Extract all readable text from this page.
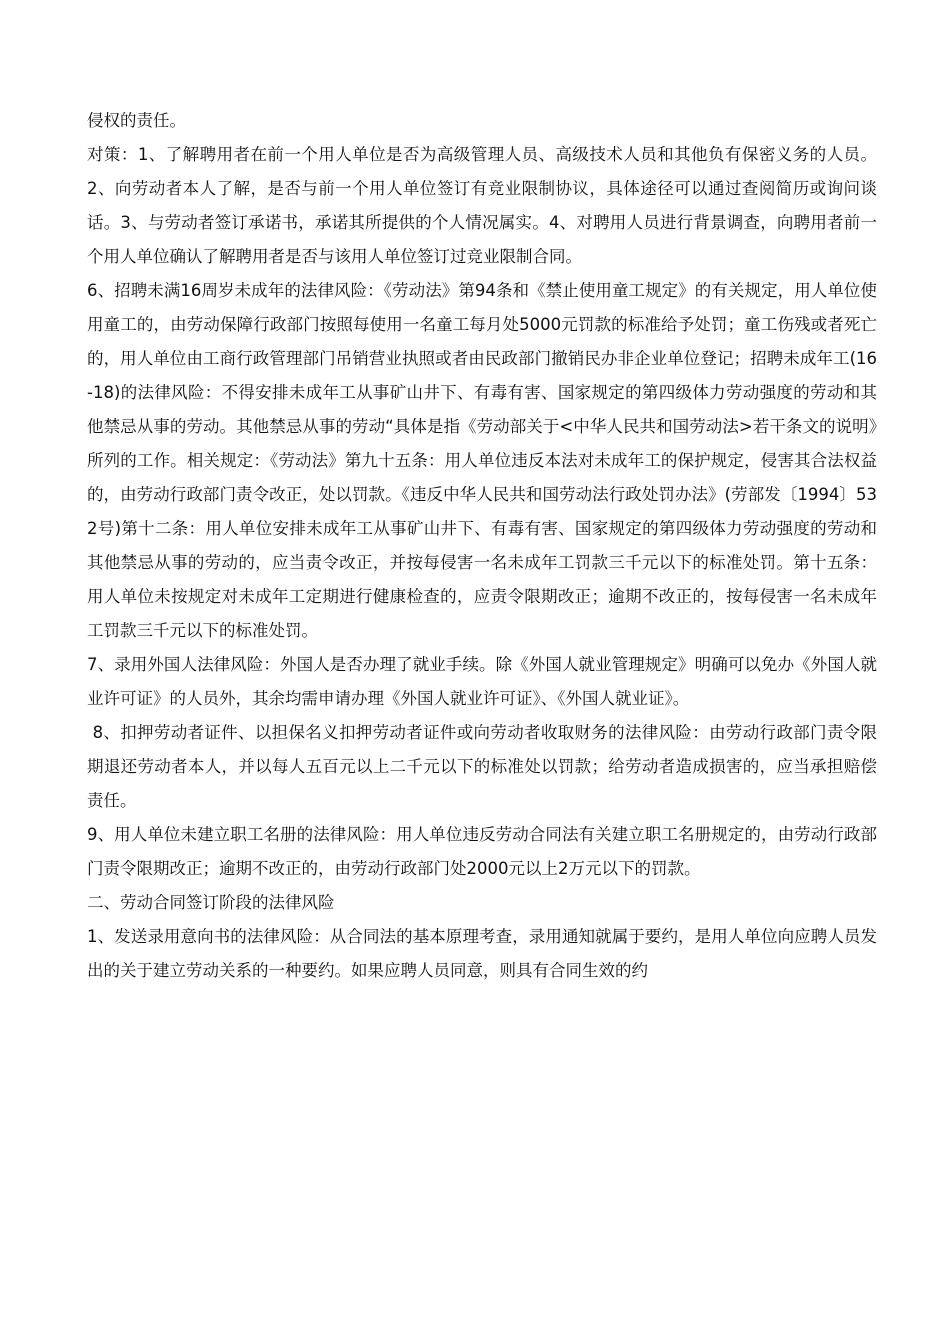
侵权的责任。

对策：1、了解聘用者在前一个用人单位是否为高级管理人员、高级技术人员和其他负有保密义务的人员。2、向劳动者本人了解，是否与前一个用人单位签订有竞业限制协议，具体途径可以通过查阅简历或询问谈话。3、与劳动者签订承诺书，承诺其所提供的个人情况属实。4、对聘用人员进行背景调查，向聘用者前一个用人单位确认了解聘用者是否与该用人单位签订过竞业限制合同。

6、招聘未满16周岁未成年的法律风险：《劳动法》第94条和《禁止使用童工规定》的有关规定，用人单位使用童工的，由劳动保障行政部门按照每使用一名童工每月处5000元罚款的标准给予处罚；童工伤残或者死亡的，用人单位由工商行政管理部门吊销营业执照或者由民政部门撤销民办非企业单位登记；招聘未成年工(16-18)的法律风险：不得安排未成年工从事矿山井下、有毒有害、国家规定的第四级体力劳动强度的劳动和其他禁忌从事的劳动。其他禁忌从事的劳动“具体是指《劳动部关于<中华人民共和国劳动法>若干条文的说明》所列的工作。相关规定：《劳动法》第九十五条：用人单位违反本法对未成年工的保护规定，侵害其合法权益的，由劳动行政部门责令改正，处以罚款。《违反中华人民共和国劳动法行政处罚办法》(劳部发〔1994〕532号)第十二条：用人单位安排未成年工从事矿山井下、有毒有害、国家规定的第四级体力劳动强度的劳动和其他禁忌从事的劳动的，应当责令改正，并按每侵害一名未成年工罚款三千元以下的标准处罚。第十五条：用人单位未按规定对未成年工定期进行健康检查的，应责令限期改正；逾期不改正的，按每侵害一名未成年工罚款三千元以下的标准处罚。

7、录用外国人法律风险：外国人是否办理了就业手续。除《外国人就业管理规定》明确可以免办《外国人就业许可证》的人员外，其余均需申请办理《外国人就业许可证》、《外国人就业证》。

8、扣押劳动者证件、以担保名义扣押劳动者证件或向劳动者收取财务的法律风险：由劳动行政部门责令限期退还劳动者本人，并以每人五百元以上二千元以下的标准处以罚款；给劳动者造成损害的，应当承担赔偿责任。

9、用人单位未建立职工名册的法律风险：用人单位违反劳动合同法有关建立职工名册规定的，由劳动行政部门责令限期改正；逾期不改正的，由劳动行政部门处2000元以上2万元以下的罚款。

二、劳动合同签订阶段的法律风险

1、发送录用意向书的法律风险：从合同法的基本原理考查，录用通知就属于要约，是用人单位向应聘人员发出的关于建立劳动关系的一种要约。如果应聘人员同意，则具有合同生效的约
